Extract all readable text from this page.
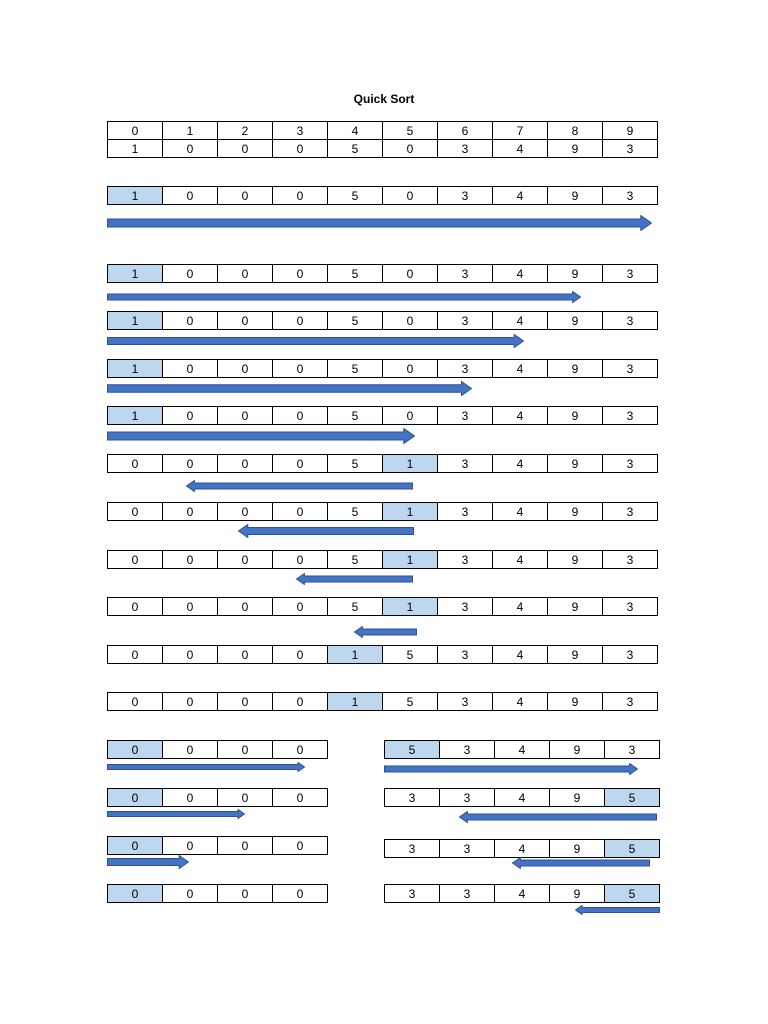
Quick Sort
0	1	2	3	4	5	6	7	8	9
1	0	0	0	5	0	3	4	9	3
1	0	0	0	5	0	3	4	9	3
1	0	0	0	5	0	3	4	9	3
1	0	0	0	5	0	3	4	9	3
1	0	0	0	5	0	3	4	9	3
1	0	0	0	5	0	3	4	9	3
0	0	0	0	5	1	3	4	9	3
0	0	0	0	5	1	3	4	9	3
0	0	0	0	5	1	3	4	9	3
0	0	0	0	5	1	3	4	9	3
0	0	0	0	1	5	3	4	9	3
0	0	0	0	1	5	3	4	9	3
0	0	0	0	5	3	4	9	3
0	0	0	0	3	3	4	9	5
0	0	0	0	3	3	4	9	5
0	0	0	0	3	3	4	9	5
